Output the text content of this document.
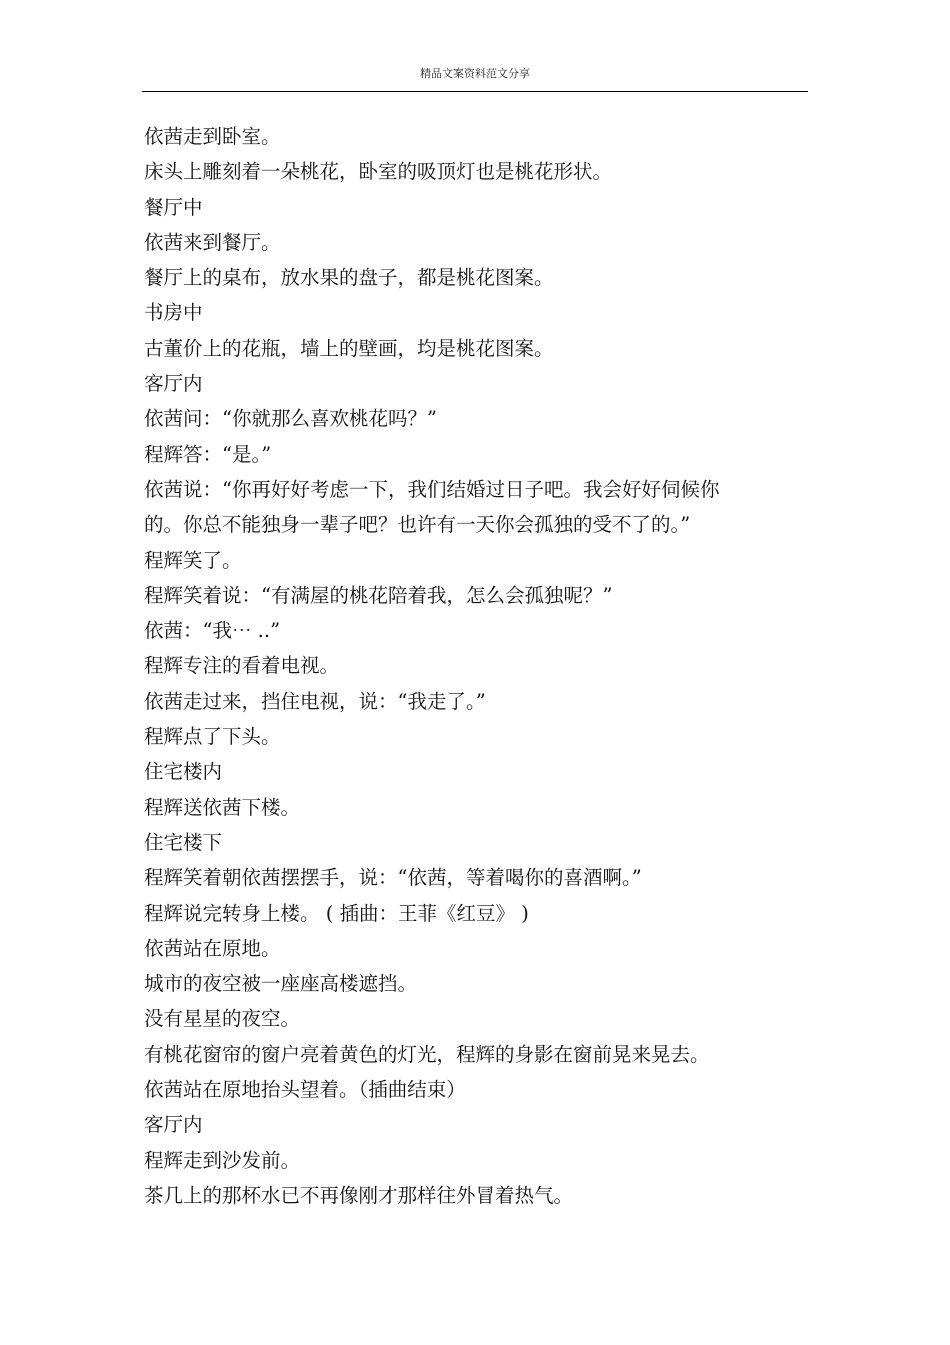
精品文案资料范文分享
依茜走到卧室。
床头上雕刻着一朵桃花，卧室的吸顶灯也是桃花形状。
餐厅中
依茜来到餐厅。
餐厅上的桌布，放水果的盘子，都是桃花图案。
书房中
古董价上的花瓶，墙上的壁画，均是桃花图案。
客厅内
依茜问：“你就那么喜欢桃花吗？”
程辉答：“是。”
依茜说：“你再好好考虑一下，我们结婚过日子吧。我会好好伺候你
的。你总不能独身一辈子吧？也许有一天你会孤独的受不了的。”
程辉笑了。
程辉笑着说：“有满屋的桃花陪着我，怎么会孤独呢？”
依茜：“我⋯ ..”
程辉专注的看着电视。
依茜走过来，挡住电视，说：“我走了。”
程辉点了下头。
住宅楼内
程辉送依茜下楼。
住宅楼下
程辉笑着朝依茜摆摆手，说：“依茜，等着喝你的喜酒啊。”
程辉说完转身上楼。 ( 插曲：王菲《红豆》 )
依茜站在原地。
城市的夜空被一座座高楼遮挡。
没有星星的夜空。
有桃花窗帘的窗户亮着黄色的灯光，程辉的身影在窗前晃来晃去。
依茜站在原地抬头望着。（插曲结束）
客厅内
程辉走到沙发前。
茶几上的那杯水已不再像刚才那样往外冒着热气。
